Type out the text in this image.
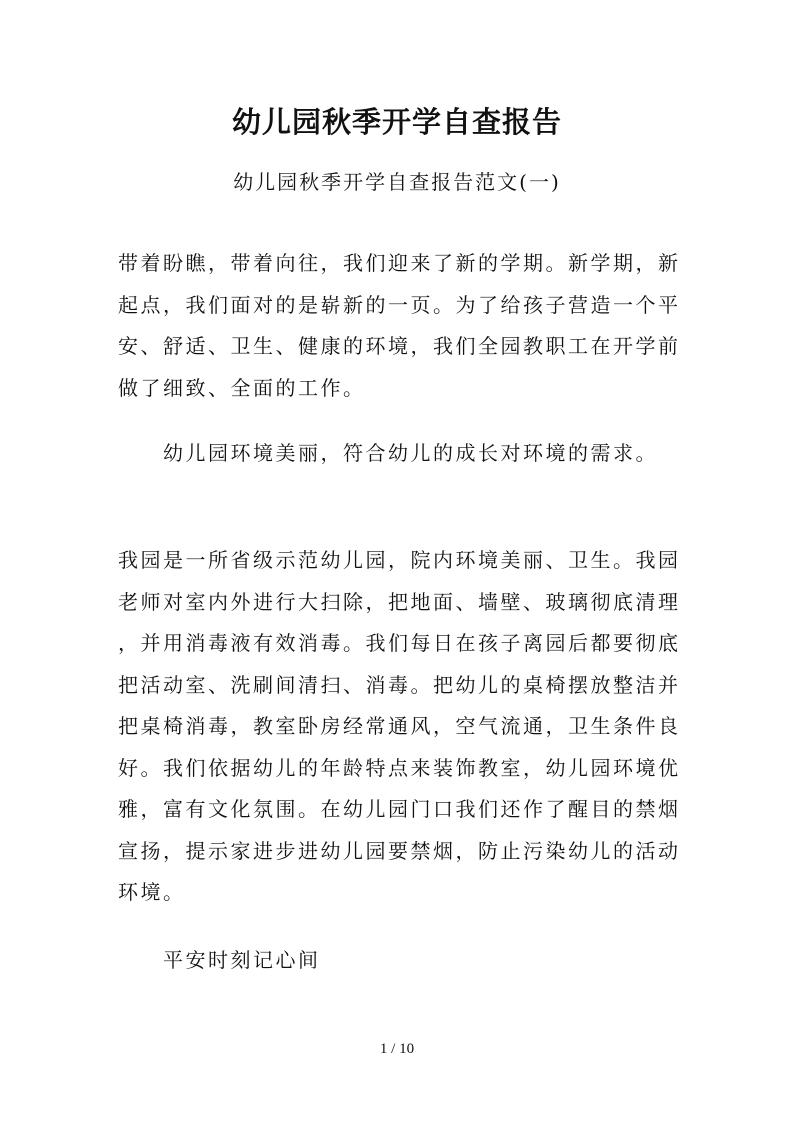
幼儿园秋季开学自查报告

幼儿园秋季开学自查报告范文(一)

带着盼瞧，带着向往，我们迎来了新的学期。新学期，新
起点，我们面对的是崭新的一页。为了给孩子营造一个平
安、舒适、卫生、健康的环境，我们全园教职工在开学前
做了细致、全面的工作。

幼儿园环境美丽，符合幼儿的成长对环境的需求。

我园是一所省级示范幼儿园，院内环境美丽、卫生。我园
老师对室内外进行大扫除，把地面、墙壁、玻璃彻底清理
，并用消毒液有效消毒。我们每日在孩子离园后都要彻底
把活动室、洗刷间清扫、消毒。把幼儿的桌椅摆放整洁并
把桌椅消毒，教室卧房经常通风，空气流通，卫生条件良
好。我们依据幼儿的年龄特点来装饰教室，幼儿园环境优
雅，富有文化氛围。在幼儿园门口我们还作了醒目的禁烟
宣扬，提示家进步进幼儿园要禁烟，防止污染幼儿的活动
环境。

平安时刻记心间

1 / 10
